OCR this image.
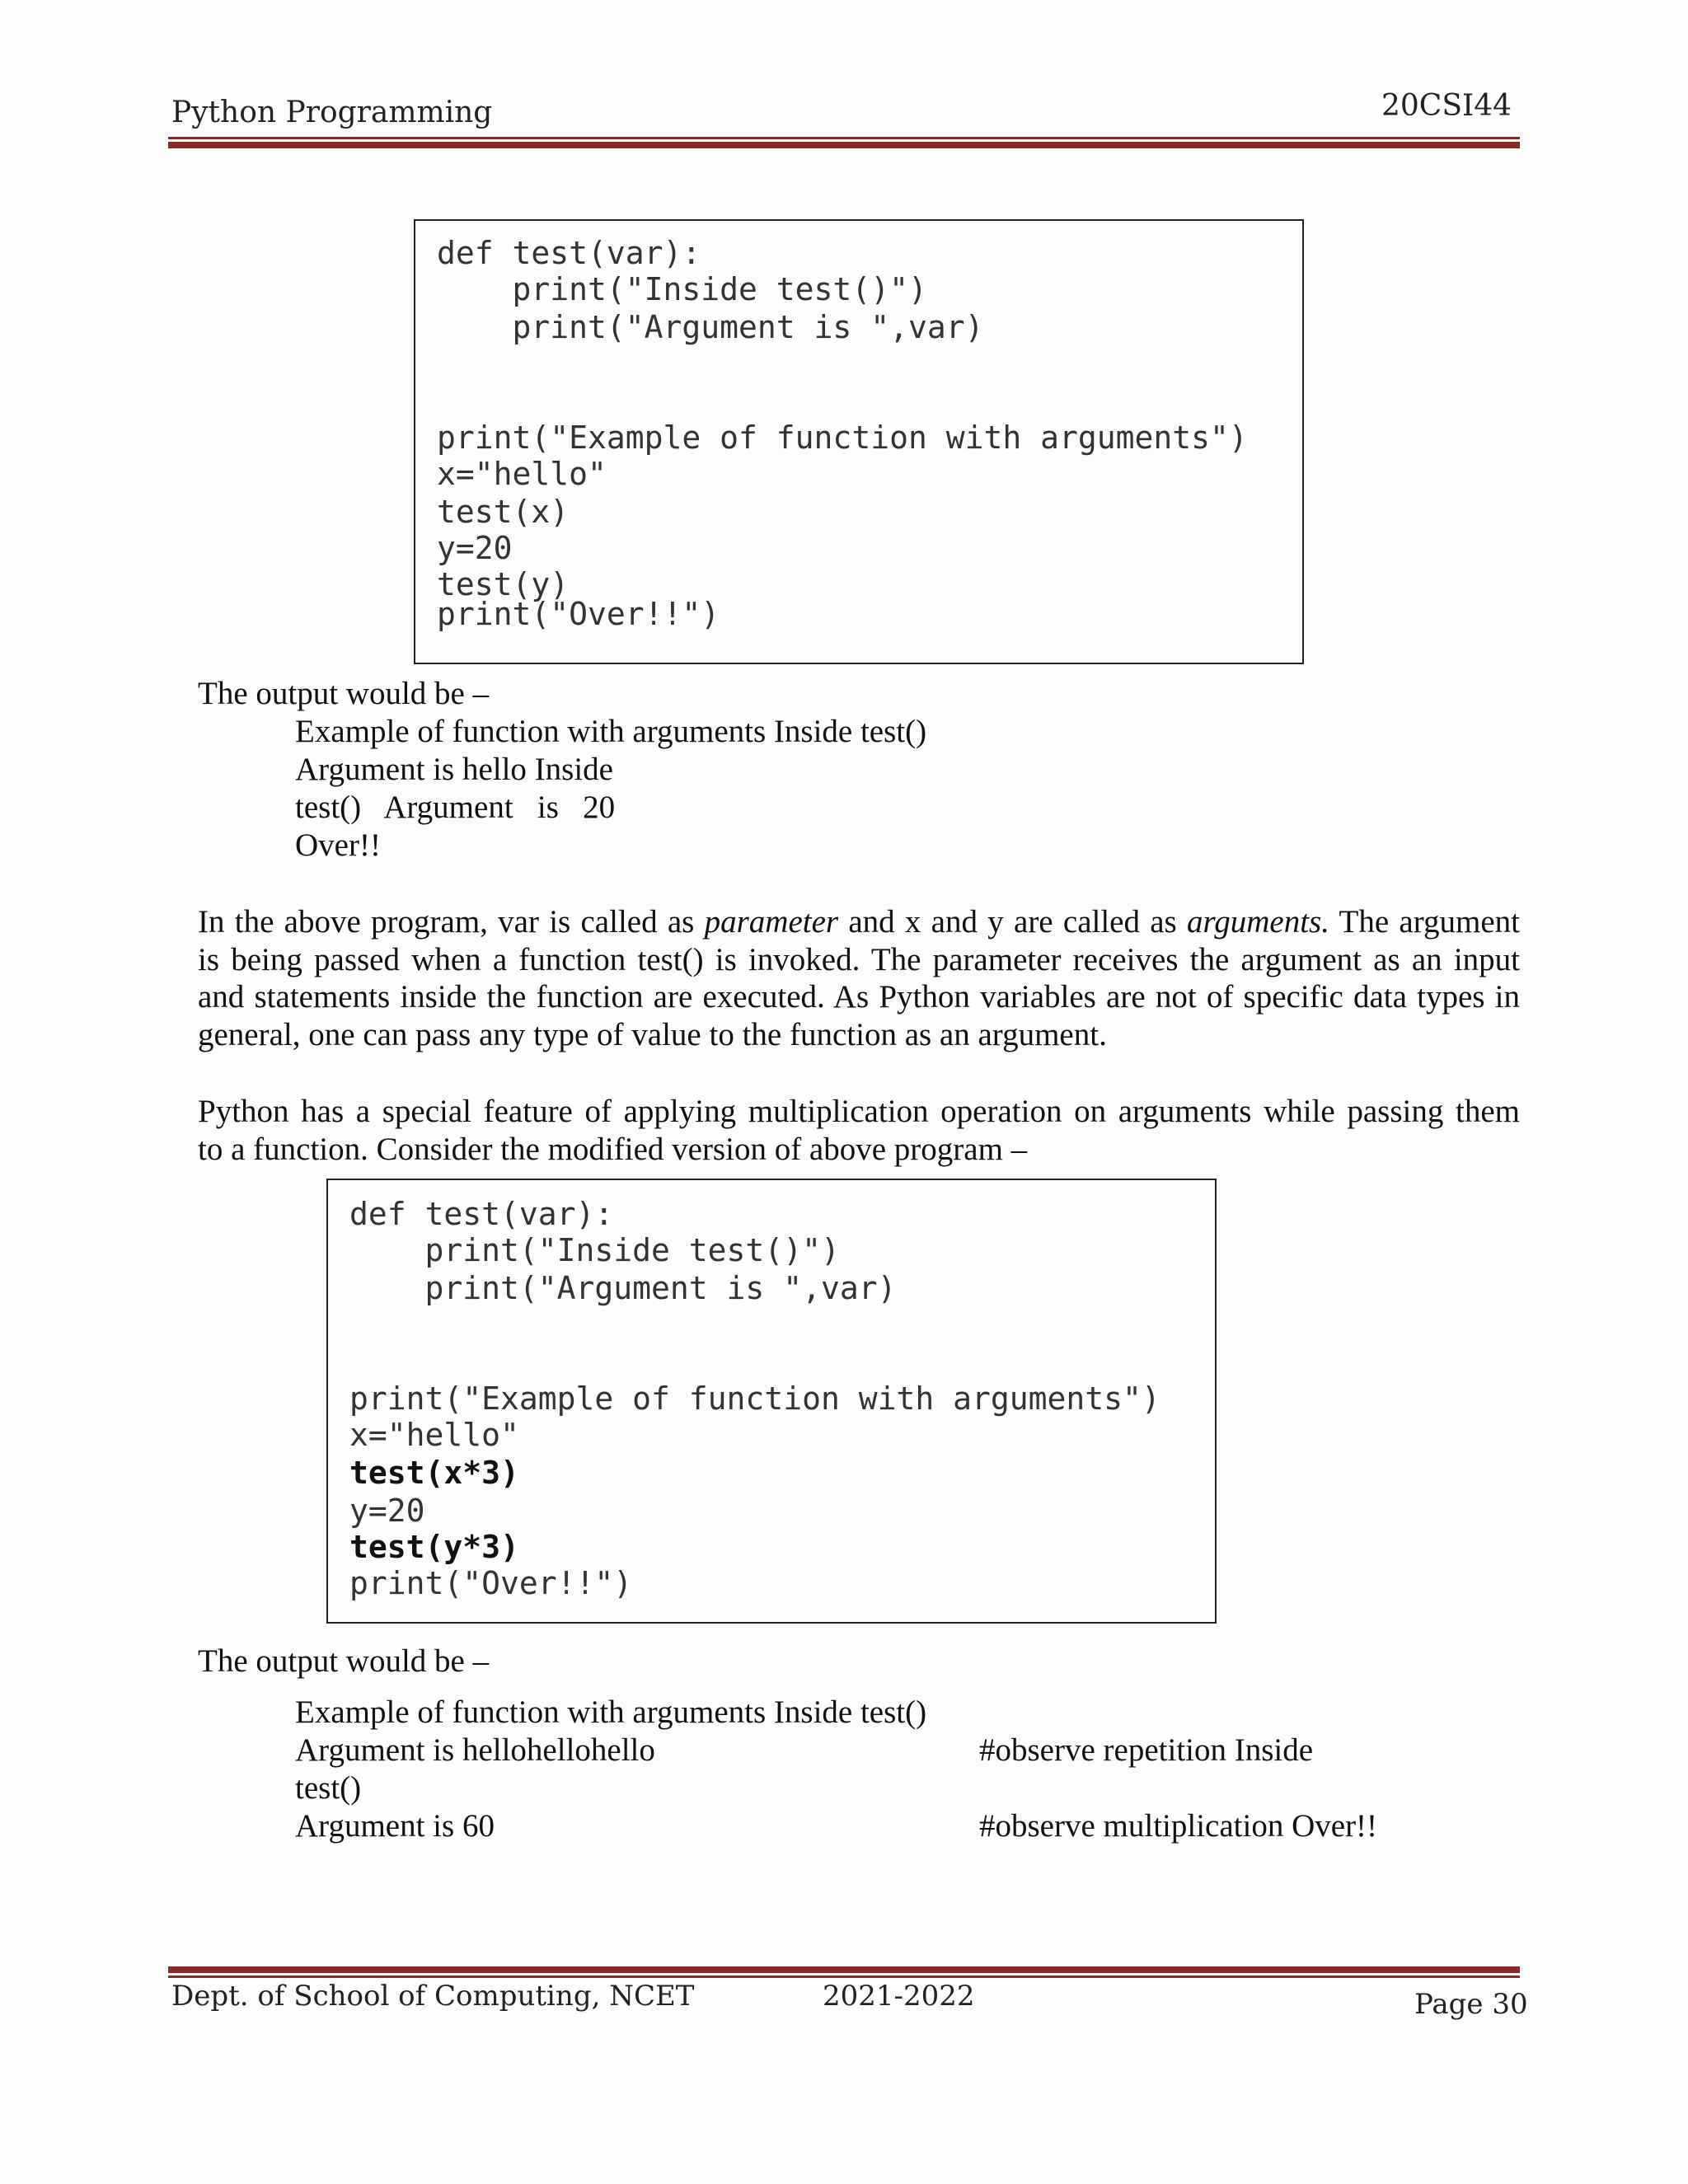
Python Programming	20CSI44
def test(var):
print("Inside test()")
print("Argument is ",var)
print("Example of function with arguments")
x="hello"
test(x)
y=20
test(y)
print("Over!!")
The output would be –
Example of function with arguments Inside test()
Argument is hello Inside
test()   Argument   is   20
Over!!
In the above program, var is called as parameter and x and y are called as arguments. The argument
is being passed when a function test() is invoked. The parameter receives the argument as an input
and statements inside the function are executed. As Python variables are not of specific data types in
general, one can pass any type of value to the function as an argument.
Python has a special feature of applying multiplication operation on arguments while passing them
to a function. Consider the modified version of above program –
def test(var):
print("Inside test()")
print("Argument is ",var)
print("Example of function with arguments")
x="hello"
test(x*3)
y=20
test(y*3)
print("Over!!")
The output would be –
Example of function with arguments Inside test()
Argument is hellohellohello	#observe repetition Inside
test()
Argument is 60	#observe multiplication Over!!
Dept. of School of Computing, NCET	2021-2022	Page 30
